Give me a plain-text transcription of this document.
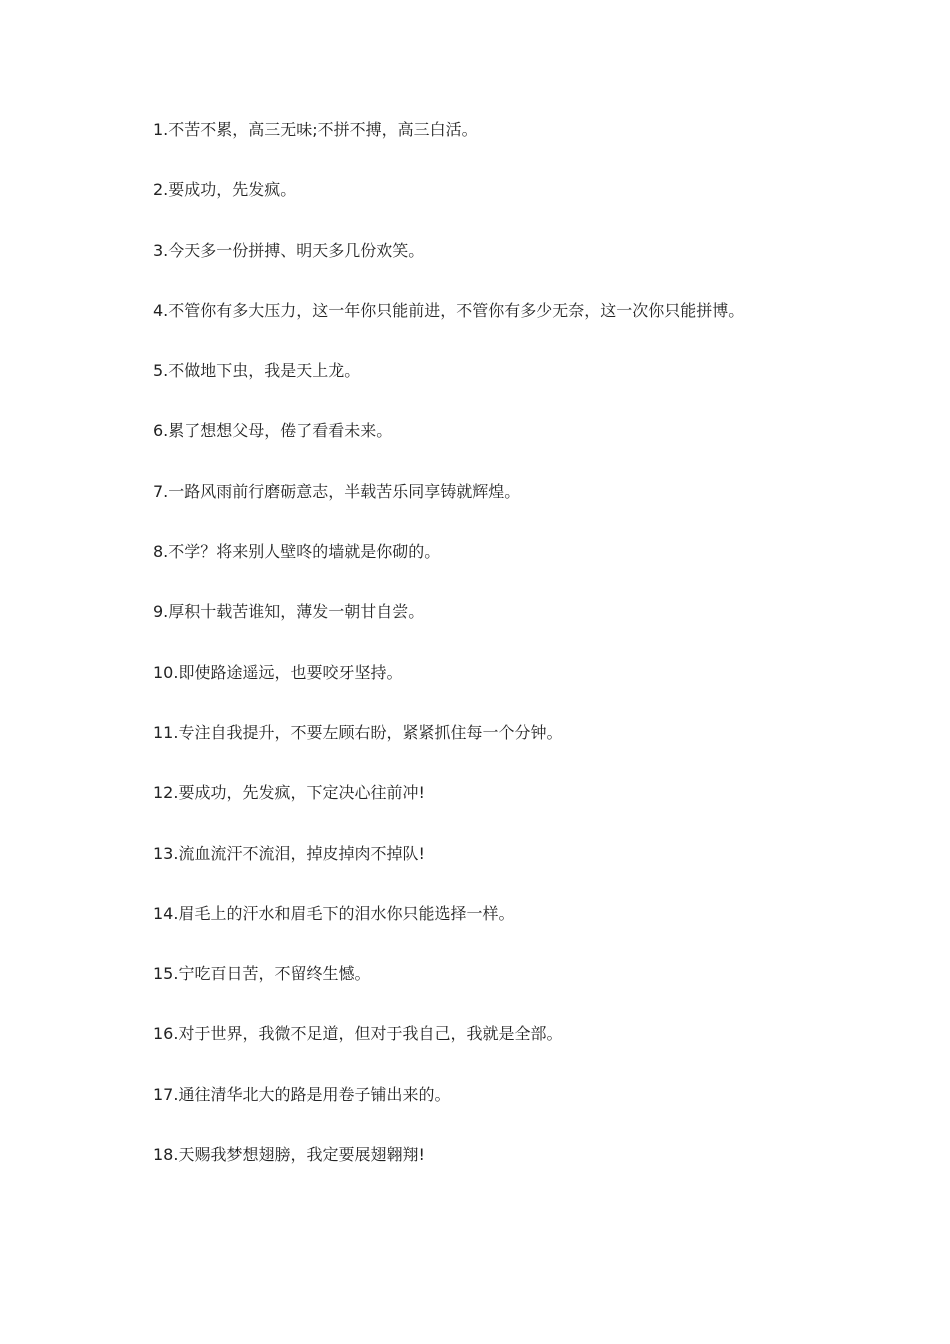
1.不苦不累，高三无味;不拼不搏，高三白活。
2.要成功，先发疯。
3.今天多一份拼搏、明天多几份欢笑。
4.不管你有多大压力，这一年你只能前进，不管你有多少无奈，这一次你只能拼博。
5.不做地下虫，我是天上龙。
6.累了想想父母，倦了看看未来。
7.一路风雨前行磨砺意志，半载苦乐同享铸就辉煌。
8.不学？将来别人壁咚的墙就是你砌的。
9.厚积十载苦谁知，薄发一朝甘自尝。
10.即使路途遥远，也要咬牙坚持。
11.专注自我提升，不要左顾右盼，紧紧抓住每一个分钟。
12.要成功，先发疯，下定决心往前冲!
13.流血流汗不流泪，掉皮掉肉不掉队!
14.眉毛上的汗水和眉毛下的泪水你只能选择一样。
15.宁吃百日苦，不留终生憾。
16.对于世界，我微不足道，但对于我自己，我就是全部。
17.通往清华北大的路是用卷子铺出来的。
18.天赐我梦想翅膀，我定要展翅翱翔!
